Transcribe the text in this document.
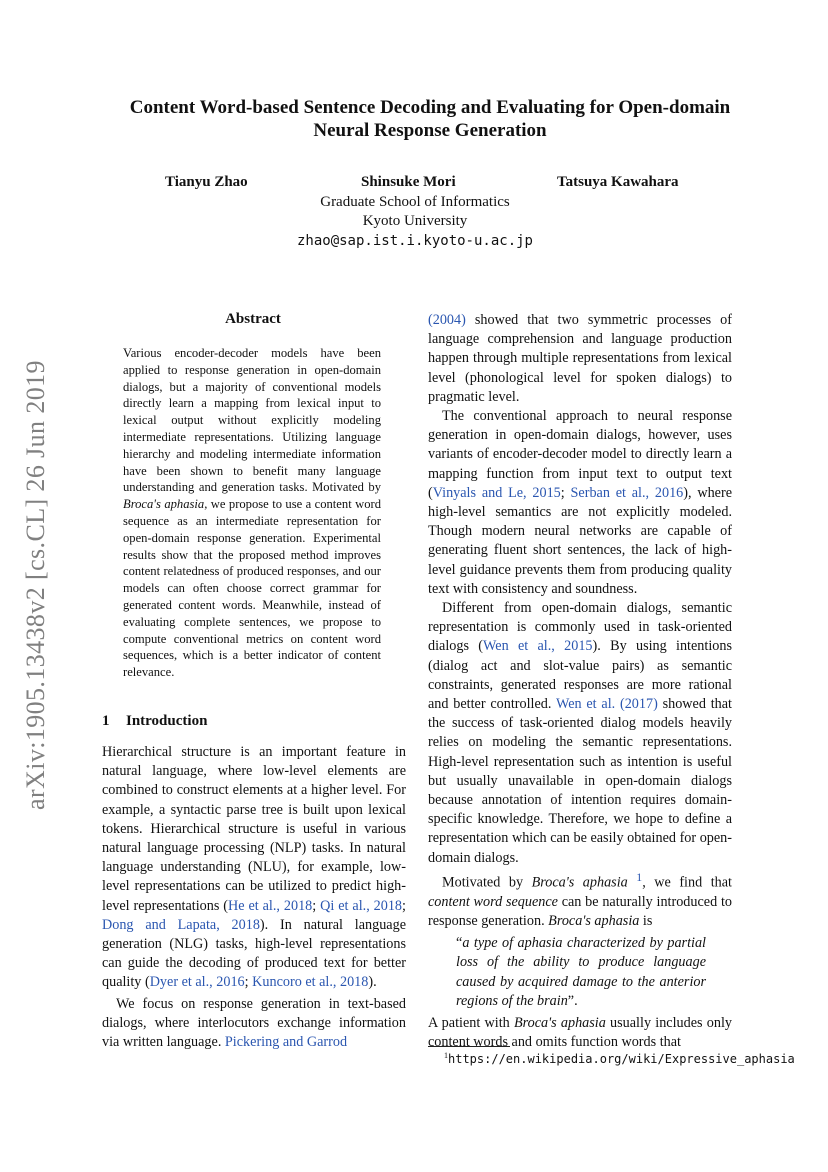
arXiv:1905.13438v2 [cs.CL] 26 Jun 2019
Content Word-based Sentence Decoding and Evaluating for Open-domain
Neural Response Generation
Tianyu Zhao	Shinsuke Mori	Tatsuya Kawahara
Graduate School of Informatics
Kyoto University
zhao@sap.ist.i.kyoto-u.ac.jp
Abstract
Various encoder-decoder models have been applied to response generation in open-domain dialogs, but a majority of conventional models directly learn a mapping from lexical input to lexical output without explicitly modeling intermediate representations. Utilizing language hierarchy and modeling intermediate information have been shown to benefit many language understanding and generation tasks. Motivated by Broca's aphasia, we propose to use a content word sequence as an intermediate representation for open-domain response generation. Experimental results show that the proposed method improves content relatedness of produced responses, and our models can often choose correct grammar for generated content words. Meanwhile, instead of evaluating complete sentences, we propose to compute conventional metrics on content word sequences, which is a better indicator of content relevance.
1 Introduction

Hierarchical structure is an important feature in natural language, where low-level elements are combined to construct elements at a higher level. For example, a syntactic parse tree is built upon lexical tokens. Hierarchical structure is useful in various natural language processing (NLP) tasks. In natural language understanding (NLU), for example, low-level representations can be utilized to predict high-level representations (He et al., 2018; Qi et al., 2018; Dong and Lapata, 2018). In natural language generation (NLG) tasks, high-level representations can guide the decoding of produced text for better quality (Dyer et al., 2016; Kuncoro et al., 2018).

We focus on response generation in text-based dialogs, where interlocutors exchange information via written language. Pickering and Garrod

(2004) showed that two symmetric processes of language comprehension and language production happen through multiple representations from lexical level (phonological level for spoken dialogs) to pragmatic level.

The conventional approach to neural response generation in open-domain dialogs, however, uses variants of encoder-decoder model to directly learn a mapping function from input text to output text (Vinyals and Le, 2015; Serban et al., 2016), where high-level semantics are not explicitly modeled. Though modern neural networks are capable of generating fluent short sentences, the lack of high-level guidance prevents them from producing quality text with consistency and soundness.

Different from open-domain dialogs, semantic representation is commonly used in task-oriented dialogs (Wen et al., 2015). By using intentions (dialog act and slot-value pairs) as semantic constraints, generated responses are more rational and better controlled. Wen et al. (2017) showed that the success of task-oriented dialog models heavily relies on modeling the semantic representations. High-level representation such as intention is useful but usually unavailable in open-domain dialogs because annotation of intention requires domain-specific knowledge. Therefore, we hope to define a representation which can be easily obtained for open-domain dialogs.

Motivated by Broca's aphasia $^1$, we find that content word sequence can be naturally introduced to response generation. Broca's aphasia is

“a type of aphasia characterized by partial loss of the ability to produce language caused by acquired damage to the anterior regions of the brain”.

A patient with Broca's aphasia usually includes only content words and omits function words that

$^1$https://en.wikipedia.org/wiki/Expressive_aphasia
